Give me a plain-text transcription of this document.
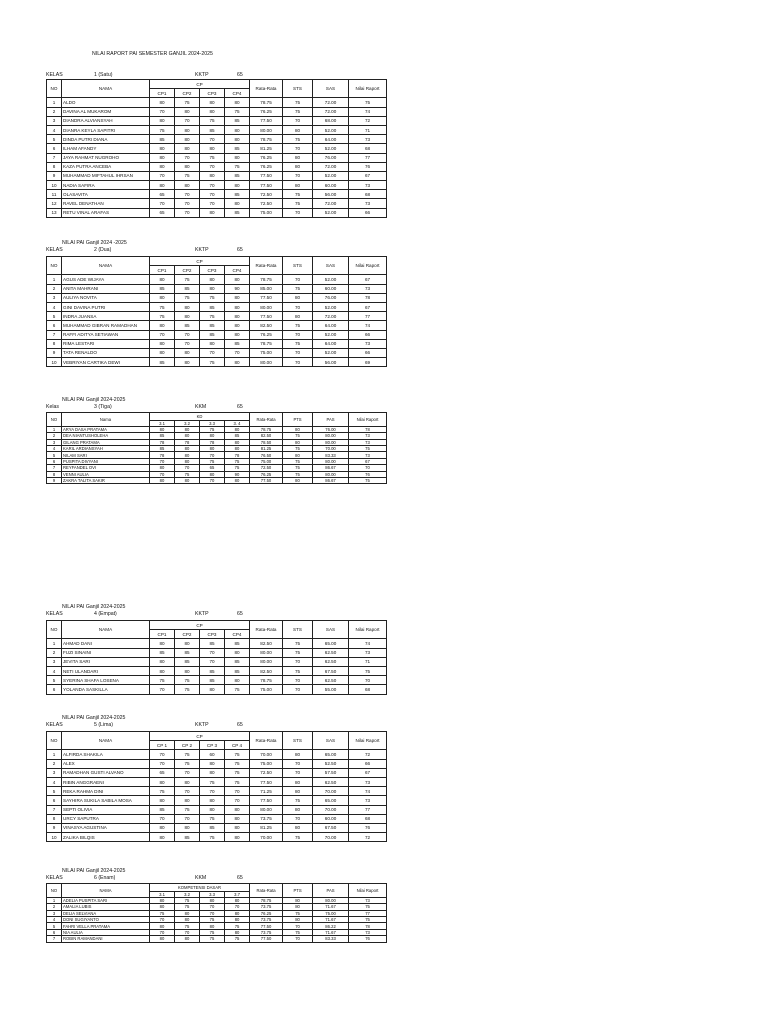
NILAI RAPORT PAI SEMESTER GANJIL 2024-2025
KELAS	1 (Satu)	KKTP	65
NO	NAMA	CP				Rata-Rata	STS	SAS	Nilai Raport
		CP1	CP2	CP3	CP4				
1	ALDO	80	75	80	80	78.75	75	72.00	75
2	DAVINA AL MUKAROM	70	80	80	75	76.25	75	72.00	74
3	DIANDRA ALVIANSYAH	80	70	75	85	77.50	70	68.00	72
4	DIANRA KEYLA SAPITRI	75	80	85	80	80.00	80	52.00	71
5	DINDA PUTRI DIANA	85	80	70	80	78.75	75	64.00	73
6	ILHAM AFANDY	80	80	80	85	81.25	70	52.00	68
7	JAYA RAHMAT NUGROHO	80	70	75	80	76.25	80	76.00	77
8	KAZA PUTRA ANCEBA	80	80	70	75	76.25	80	72.00	76
9	MUHAMMAD MIFTAHUL IHRSAN	70	75	80	85	77.50	70	52.00	67
10	NADIA SAFIRA	80	80	70	80	77.50	80	60.00	73
11	OLASAVITA	65	70	70	85	72.50	75	56.00	68
12	RAVEL DENATHAN	70	70	70	80	72.50	75	72.00	73
13	RETU VINAL ARAFAS	65	70	80	85	75.00	70	52.00	66
NILAI PAI Ganjil 2024 -2025
KELAS	2 (Dua)	KKTP	65
NO	NAMA	CP				Rata-Rata	STS	SAS	Nilai Raport
		CP1	CP2	CP3	CP4				
1	AGUS ADE WIJAYA	80	75	80	80	78.75	70	52.00	67
2	ANITA MAHRANI	85	85	80	90	85.00	75	60.00	73
3	AULIYA NOVITA	80	75	75	80	77.50	80	76.00	78
4	GINI DAVINA PUTRI	75	80	85	80	80.00	70	52.00	67
5	INDRA JUANSA	75	80	75	80	77.50	80	72.00	77
6	MUHAMMAD GIBRAN RAMADHAN	80	85	85	80	82.50	75	64.00	74
7	RAFFI ADITYA SETIAWAN	70	70	85	80	76.25	70	52.00	66
8	RIMA LESTARI	80	70	80	85	78.75	75	64.00	73
9	TATA RENALDO	80	80	70	70	75.00	70	52.00	66
10	VEBRIYAN CARTIKA DEWI	85	80	75	80	80.00	70	56.00	69
NILAI PAI Ganjil 2024-2025
Kelas	3 (Tiga)	KKM	65
NO	Nama	KD				Rata-Rata	PTS	PAS	Nilai Raport
		3.1	3.2	3.3	3. 4				
1	ARYA DASA PRATAMA	80	80	75	80	78.75	80	76.00	78
2	DEA NIANTUSHOLEHA	85	80	80	85	82.50	75	80.00	73
3	GILANG PRATAMA	78	78	78	80	78.50	80	80.00	73
4	KARIL ARDIANSYAH	85	80	80	80	81.25	75	70.00	75
5	NILAM SARI	78	80	70	78	76.50	80	83.33	73
6	PUSPITA DIVYANI	70	80	75	75	75.00	75	80.00	67
7	REYFANDEL OVI	80	70	65	75	72.50	75	86.67	70
8	VENNI AULIA	70	75	80	90	76.25	75	80.00	76
9	ZAKRA TALITA SAKIR	80	80	70	80	77.50	80	86.67	75
NILAI PAI Ganjil 2024-2025
KELAS	4 (Empat)	KKTP	65
NO	NAMA	CP				Rata-Rata	STS	SAS	Nilai Raport
		CP1	CP2	CP3	CP4				
1	AHMAD DANI	80	80	85	85	82.50	75	65.00	74
2	FUZI SINAINI	85	85	70	80	80.00	75	62.50	73
3	JEVITA SARI	80	85	70	85	80.00	70	62.50	71
4	NETI ULANDARI	80	80	85	85	82.50	75	67.50	75
5	SYERINA SHAFA LOSENA	75	75	85	80	78.75	70	62.50	70
6	YOLANDA SASKILLA	70	75	80	75	75.00	70	55.00	68
NILAI PAI Ganjil 2024-2025
KELAS	5 (Lima)	KKTP	65
NO	NAMA	CP				Rata-Rata	STS	SAS	Nilai Raport
		CP 1	CP 2	CP 3	CP 4				
1	ALFIRDA SHAKILA	70	75	60	75	70.00	80	65.00	72
2	ALEX	70	75	80	75	75.00	70	52.50	66
3	RAMADHAN GUSTI ALVANO	65	70	80	75	72.50	70	57.50	67
4	RIBIN ANGGRAENI	80	80	75	75	77.50	80	62.50	73
5	REKA RAHMA DINI	75	70	70	70	71.25	80	70.00	74
6	SAYHIRA SUKILA SABILA MOSA	80	80	80	70	77.50	75	65.00	73
7	SEPTI OLIVIA	85	75	80	80	80.00	80	70.00	77
8	URCY SAPUTRA	70	70	75	80	73.75	70	60.00	68
9	VINASYA AGUSTINA	80	80	85	80	81.25	80	67.50	76
10	ZALIKA BILQIS	80	85	75	80	70.00	75	70.00	72
NILAI PAI Ganjil 2024-2025
KELAS	6 (Enam)	KKM	65
NO	NAMA	KOMPETENSI DASAR				Rata-Rata	PTS	PAS	Nilai Raport
		3.1	3.2	3.3	3.7				
1	ADELIA PUSPITA SARI	80	75	80	80	78.75	80	80.00	73
2	AMALIA LUBIS	80	75	70	70	73.75	80	71.67	75
3	DELIA SELVIANA	75	80	70	80	76.25	75	75.00	77
4	DONI SUGIYANTO	70	80	75	80	73.75	80	71.67	75
5	FAHRI VELLA PRATAMA	80	75	80	75	77.50	70	86.22	78
6	NIA AULIA	70	70	75	80	73.75	75	71.67	73
7	ROBIN RAMANDANI	80	80	75	75	77.50	70	83.33	76
